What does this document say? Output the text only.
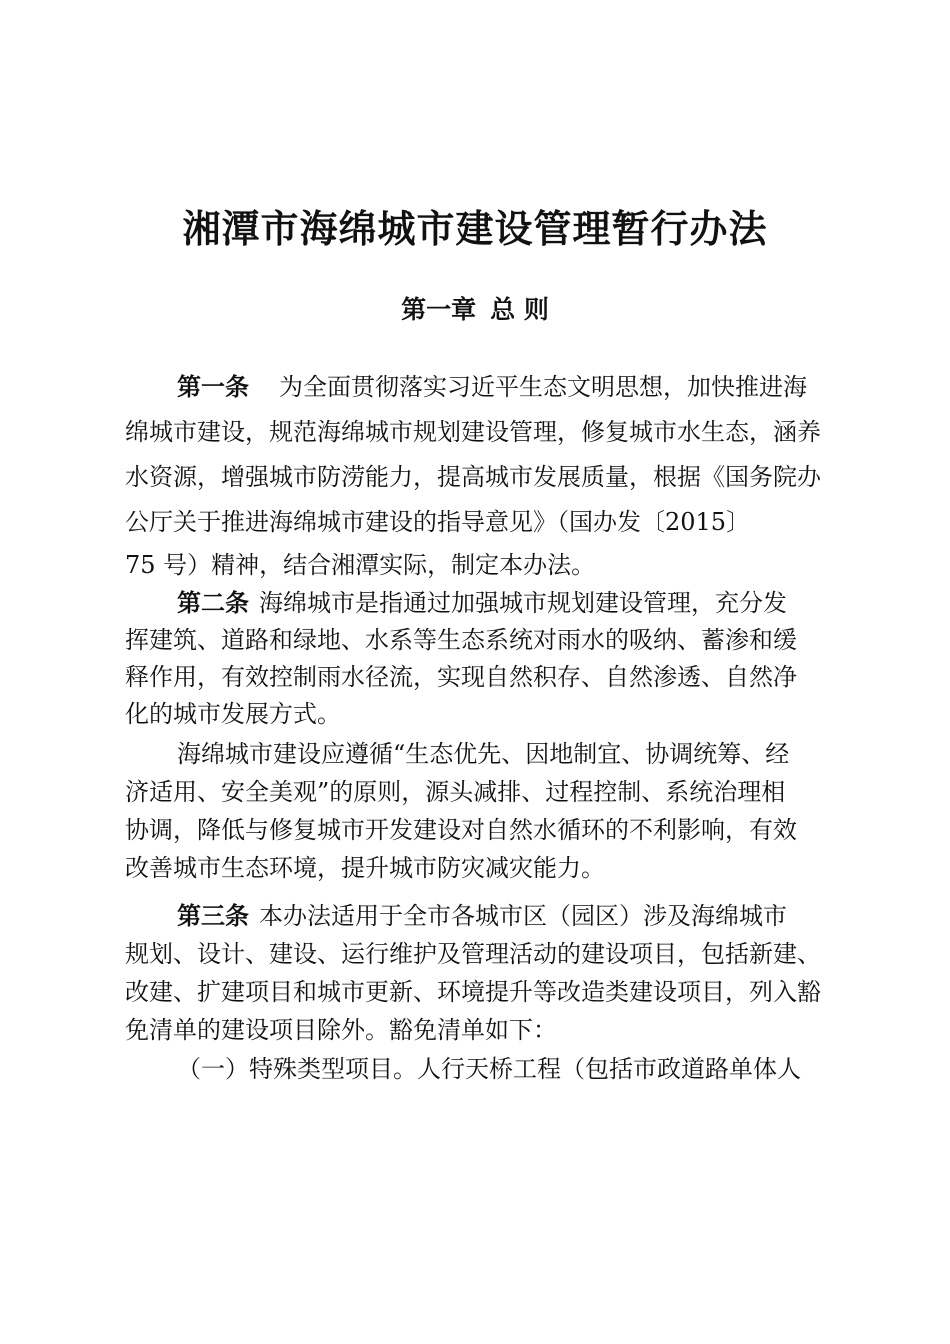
湘潭市海绵城市建设管理暂行办法
第一章 总 则
第一条 为全面贯彻落实习近平生态文明思想，加快推进海
绵城市建设，规范海绵城市规划建设管理，修复城市水生态，涵养
水资源，增强城市防涝能力，提高城市发展质量，根据《国务院办
公厅关于推进海绵城市建设的指导意见》（国办发〔2015〕
75 号）精神，结合湘潭实际，制定本办法。
第二条 海绵城市是指通过加强城市规划建设管理，充分发
挥建筑、道路和绿地、水系等生态系统对雨水的吸纳、蓄渗和缓
释作用，有效控制雨水径流，实现自然积存、自然渗透、自然净
化的城市发展方式。
海绵城市建设应遵循“生态优先、因地制宜、协调统筹、经
济适用、安全美观”的原则，源头减排、过程控制、系统治理相
协调，降低与修复城市开发建设对自然水循环的不利影响，有效
改善城市生态环境，提升城市防灾减灾能力。
第三条 本办法适用于全市各城市区（园区）涉及海绵城市
规划、设计、建设、运行维护及管理活动的建设项目，包括新建、
改建、扩建项目和城市更新、环境提升等改造类建设项目，列入豁
免清单的建设项目除外。豁免清单如下：
（一）特殊类型项目。人行天桥工程（包括市政道路单体人
